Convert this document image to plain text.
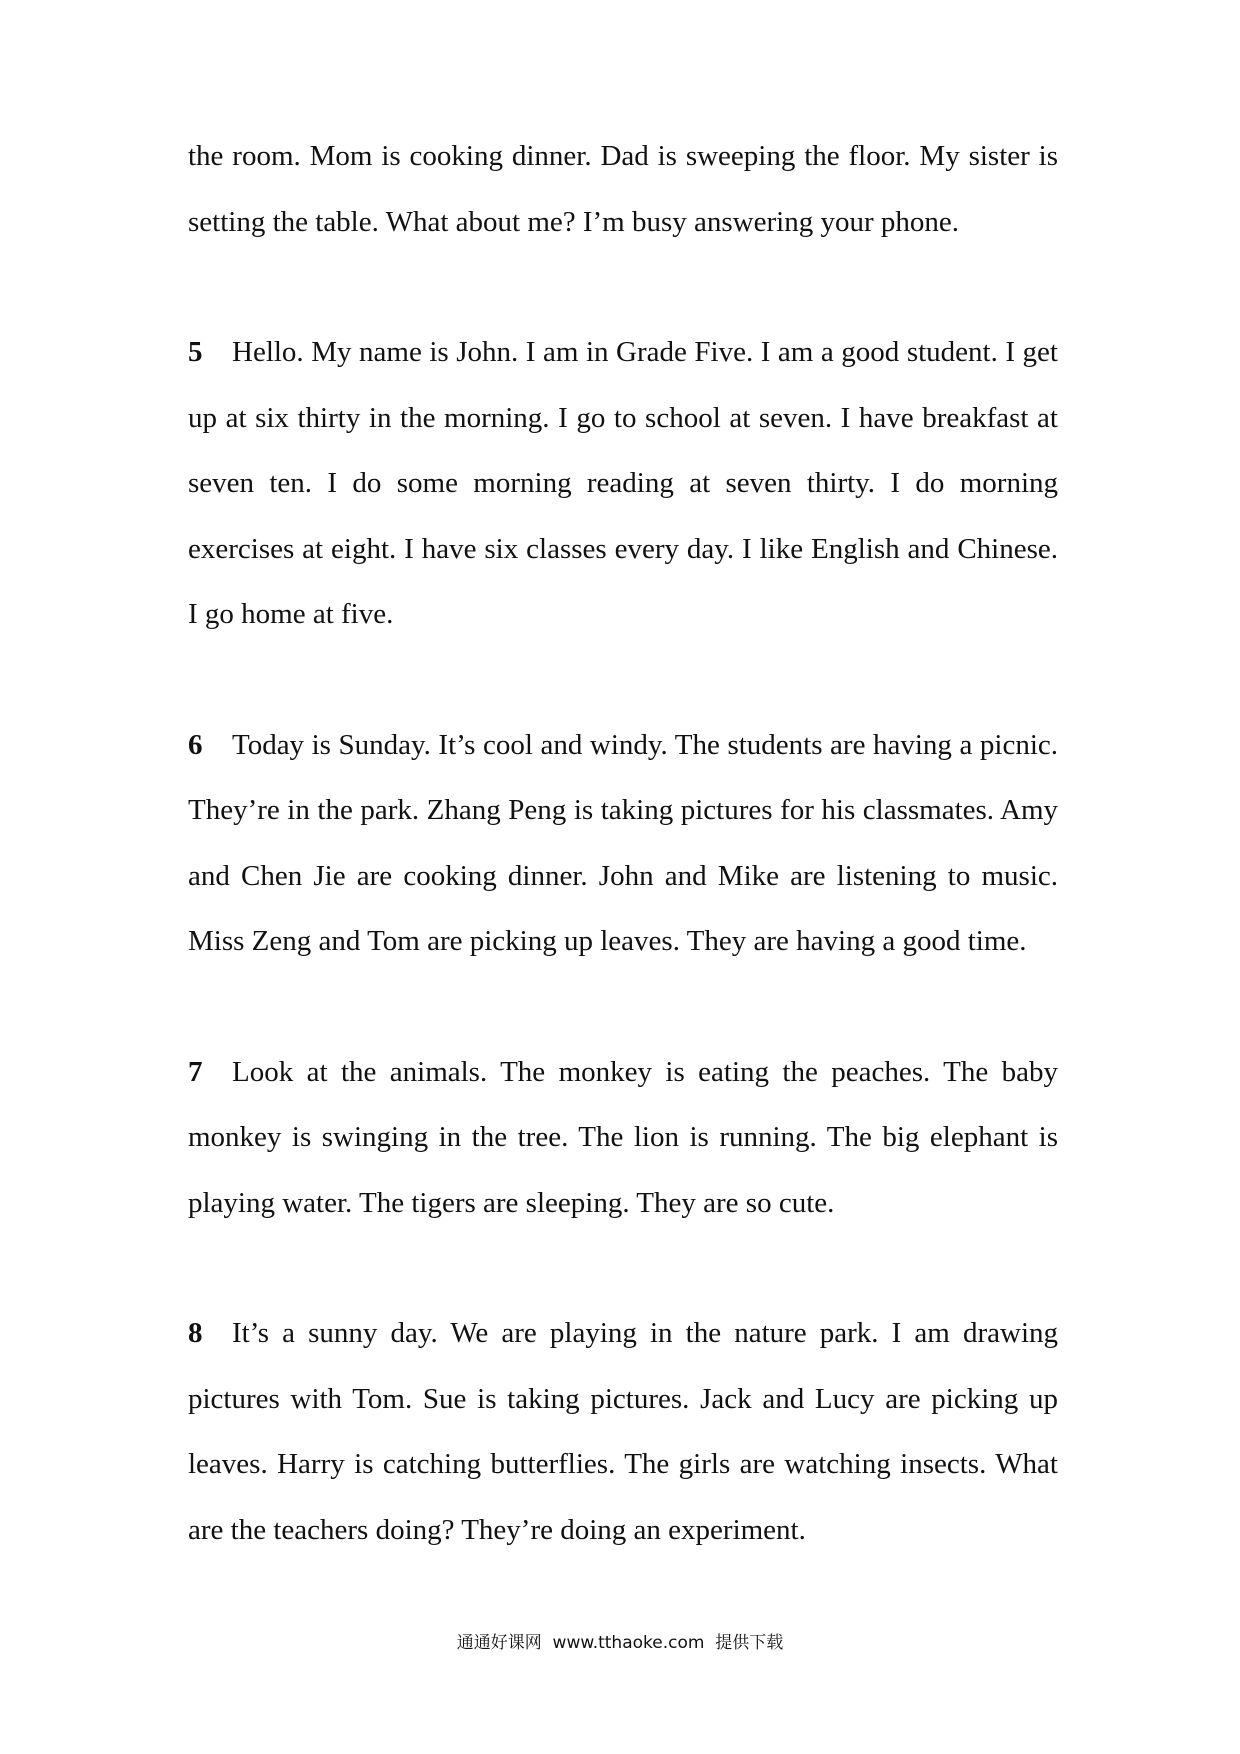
the room. Mom is cooking dinner. Dad is sweeping the floor. My sister is setting the table. What about me? I’m busy answering your phone.

5 Hello. My name is John. I am in Grade Five. I am a good student. I get up at six thirty in the morning. I go to school at seven. I have breakfast at seven ten. I do some morning reading at seven thirty. I do morning exercises at eight. I have six classes every day. I like English and Chinese. I go home at five.

6 Today is Sunday. It’s cool and windy. The students are having a picnic. They’re in the park. Zhang Peng is taking pictures for his classmates. Amy and Chen Jie are cooking dinner. John and Mike are listening to music. Miss Zeng and Tom are picking up leaves. They are having a good time.

7 Look at the animals. The monkey is eating the peaches. The baby monkey is swinging in the tree. The lion is running. The big elephant is playing water. The tigers are sleeping. They are so cute.

8 It’s a sunny day. We are playing in the nature park. I am drawing pictures with Tom. Sue is taking pictures. Jack and Lucy are picking up leaves. Harry is catching butterflies. The girls are watching insects. What are the teachers doing? They’re doing an experiment.

通通好课网  www.tthaoke.com  提供下载
